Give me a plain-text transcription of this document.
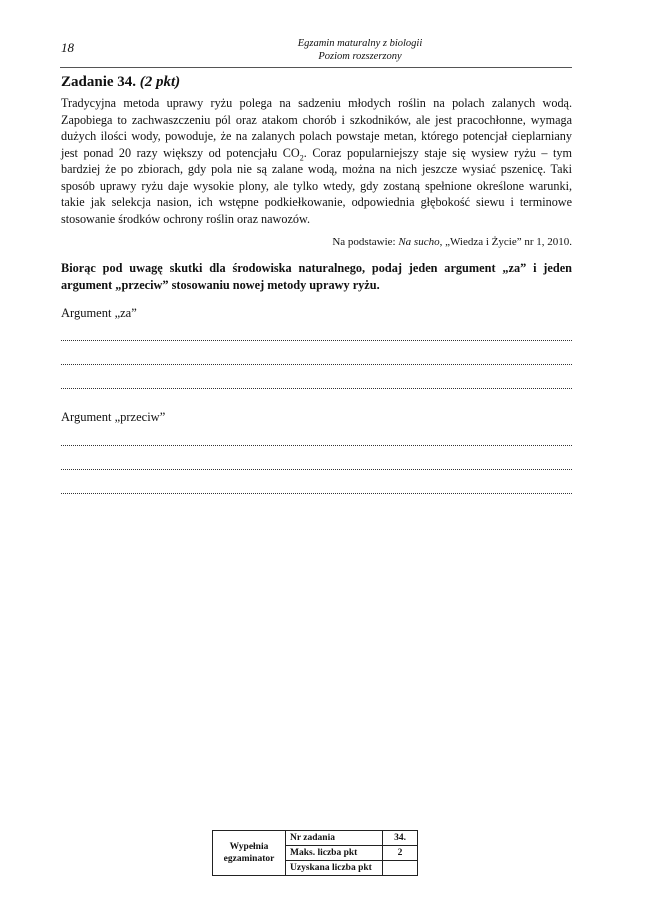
18	Egzamin maturalny z biologii
Poziom rozszerzony
Zadanie 34. (2 pkt)
Tradycyjna metoda uprawy ryżu polega na sadzeniu młodych roślin na polach zalanych wodą. Zapobiega to zachwaszczeniu pól oraz atakom chorób i szkodników, ale jest pracochłonne, wymaga dużych ilości wody, powoduje, że na zalanych polach powstaje metan, którego potencjał cieplarniany jest ponad 20 razy większy od potencjału $CO_2$. Coraz popularniejszy staje się wysiew ryżu – tym bardziej że po zbiorach, gdy pola nie są zalane wodą, można na nich jeszcze wysiać pszenicę. Taki sposób uprawy ryżu daje wysokie plony, ale tylko wtedy, gdy zostaną spełnione określone warunki, takie jak selekcja nasion, ich wstępne podkiełkowanie, odpowiednia głębokość siewu i terminowe stosowanie środków ochrony roślin oraz nawozów.
Na podstawie: Na sucho, „Wiedza i Życie” nr 1, 2010.
Biorąc pod uwagę skutki dla środowiska naturalnego, podaj jeden argument „za” i jeden argument „przeciw” stosowaniu nowej metody uprawy ryżu.
Argument „za”
Argument „przeciw”
Wypełnia egzaminator	Nr zadania	34.
	Maks. liczba pkt	2
	Uzyskana liczba pkt	
